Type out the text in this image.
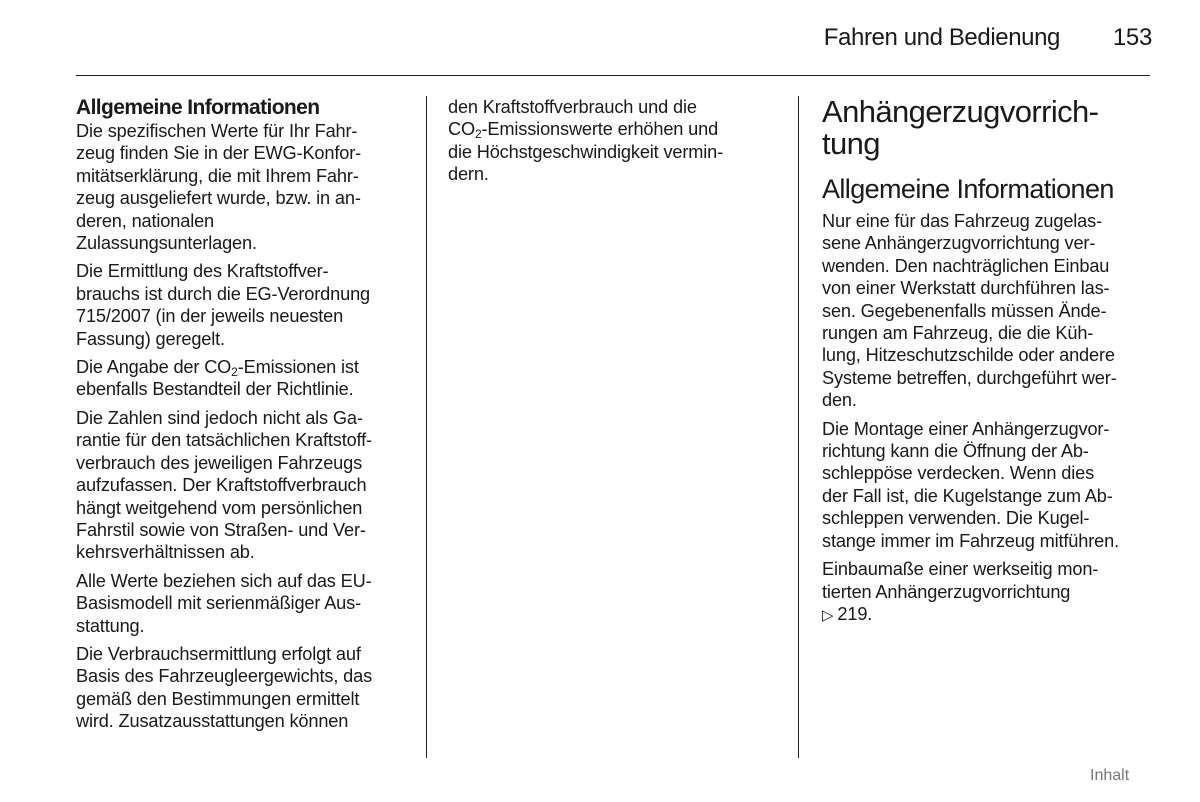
Fahren und Bedienung	153
Allgemeine Informationen

Die spezifischen Werte für Ihr Fahr-
zeug finden Sie in der EWG-Konfor-
mitätserklärung, die mit Ihrem Fahr-
zeug ausgeliefert wurde, bzw. in an-
deren, nationalen
Zulassungsunterlagen.

Die Ermittlung des Kraftstoffver-
brauchs ist durch die EG-Verordnung
715/2007 (in der jeweils neuesten
Fassung) geregelt.

Die Angabe der $CO_2$-Emissionen ist
ebenfalls Bestandteil der Richtlinie.

Die Zahlen sind jedoch nicht als Ga-
rantie für den tatsächlichen Kraftstoff-
verbrauch des jeweiligen Fahrzeugs
aufzufassen. Der Kraftstoffverbrauch
hängt weitgehend vom persönlichen
Fahrstil sowie von Straßen- und Ver-
kehrsverhältnissen ab.

Alle Werte beziehen sich auf das EU-
Basismodell mit serienmäßiger Aus-
stattung.

Die Verbrauchsermittlung erfolgt auf
Basis des Fahrzeugleergewichts, das
gemäß den Bestimmungen ermittelt
wird. Zusatzausstattungen können

den Kraftstoffverbrauch und die
$CO_2$-Emissionswerte erhöhen und
die Höchstgeschwindigkeit vermin-
dern.

Anhängerzugvorrich-
tung
Allgemeine Informationen

Nur eine für das Fahrzeug zugelas-
sene Anhängerzugvorrichtung ver-
wenden. Den nachträglichen Einbau
von einer Werkstatt durchführen las-
sen. Gegebenenfalls müssen Ände-
rungen am Fahrzeug, die die Küh-
lung, Hitzeschutzschilde oder andere
Systeme betreffen, durchgeführt wer-
den.

Die Montage einer Anhängerzugvor-
richtung kann die Öffnung der Ab-
schleppöse verdecken. Wenn dies
der Fall ist, die Kugelstange zum Ab-
schleppen verwenden. Die Kugel-
stange immer im Fahrzeug mitführen.

Einbaumaße einer werkseitig mon-
tierten Anhängerzugvorrichtung
▷ 219.

Inhalt
